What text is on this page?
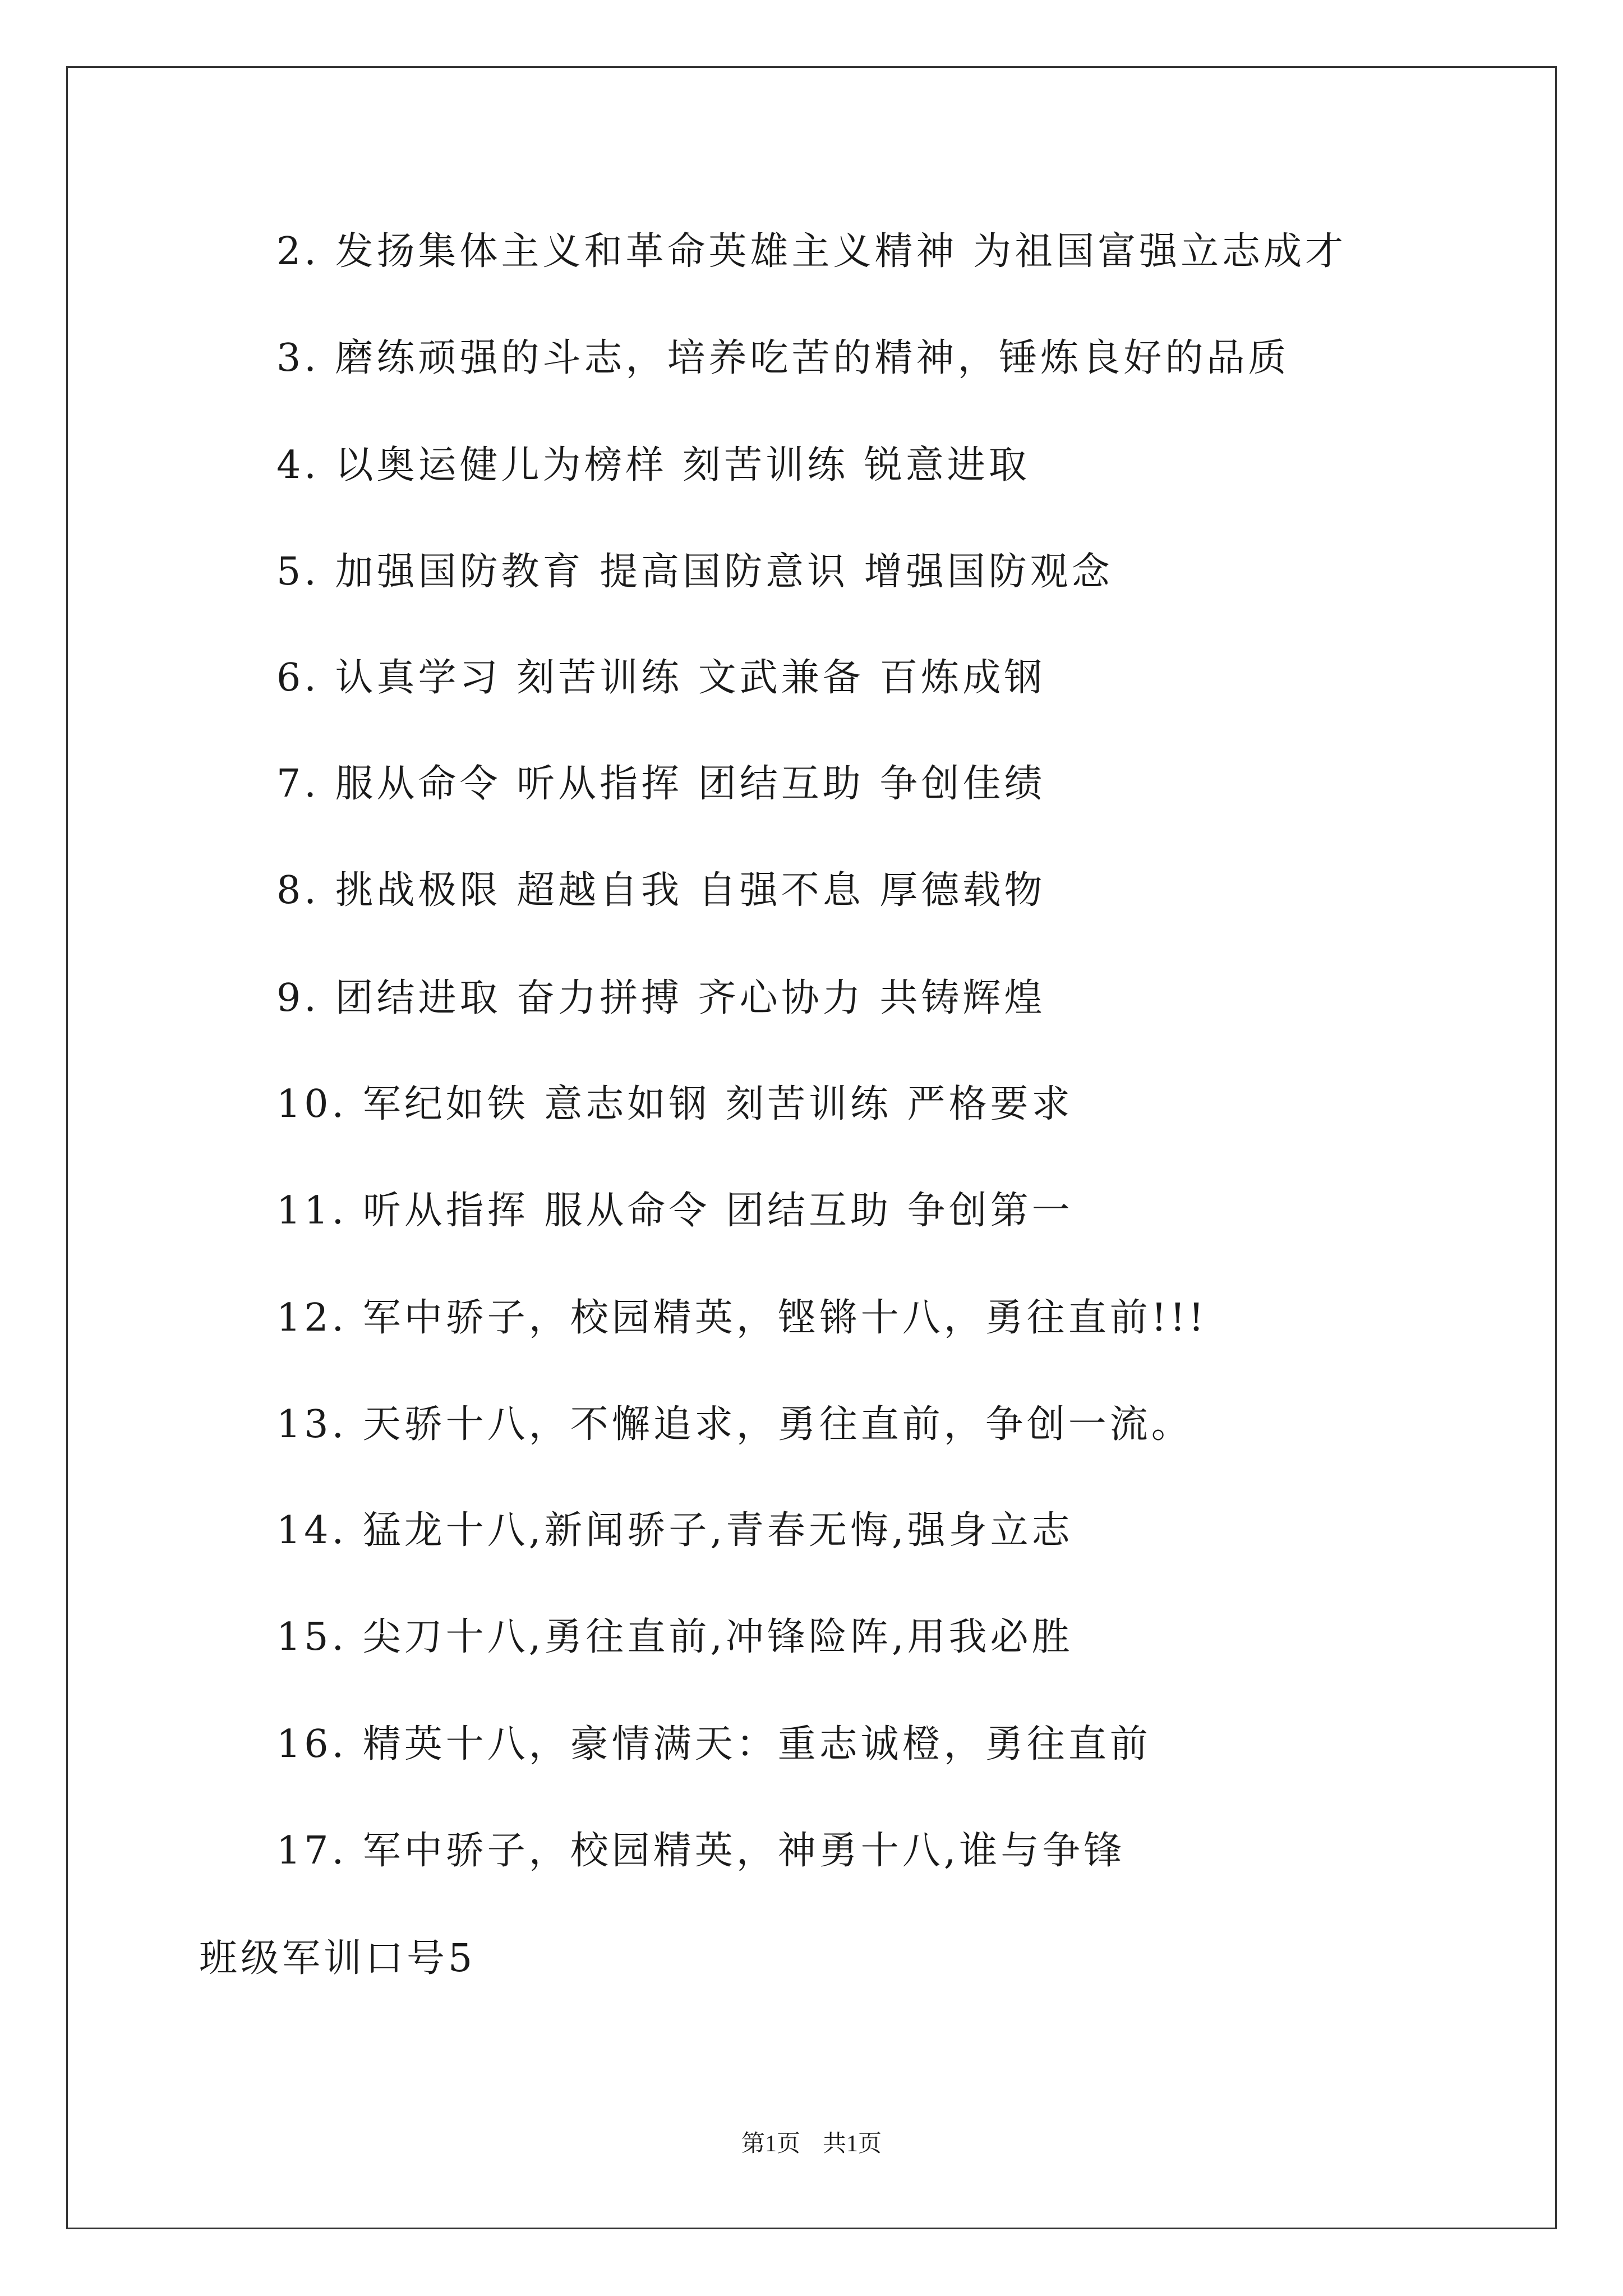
2. 发扬集体主义和革命英雄主义精神 为祖国富强立志成才
3. 磨练顽强的斗志，培养吃苦的精神，锤炼良好的品质
4. 以奥运健儿为榜样 刻苦训练 锐意进取
5. 加强国防教育 提高国防意识 增强国防观念
6. 认真学习 刻苦训练 文武兼备 百炼成钢
7. 服从命令 听从指挥 团结互助 争创佳绩
8. 挑战极限 超越自我 自强不息 厚德载物
9. 团结进取 奋力拼搏 齐心协力 共铸辉煌
10. 军纪如铁 意志如钢 刻苦训练 严格要求
11. 听从指挥 服从命令 团结互助 争创第一
12. 军中骄子，校园精英，铿锵十八，勇往直前!!!
13. 天骄十八，不懈追求，勇往直前，争创一流。
14. 猛龙十八,新闻骄子,青春无悔,强身立志
15. 尖刀十八,勇往直前,冲锋险阵,用我必胜
16. 精英十八，豪情满天：重志诚橙，勇往直前
17. 军中骄子，校园精英，神勇十八,谁与争锋
班级军训口号5
第1页 共1页
